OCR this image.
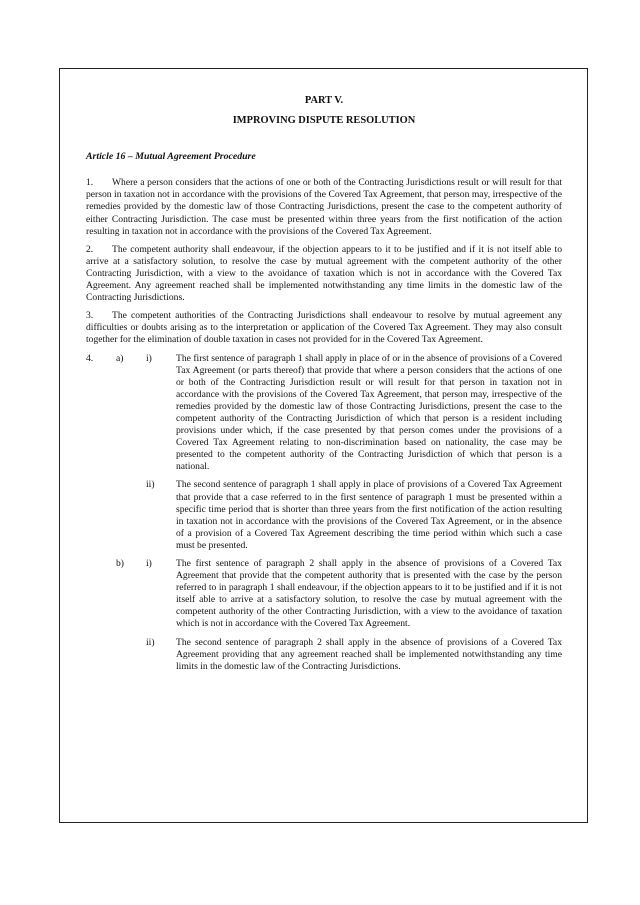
PART V.
IMPROVING DISPUTE RESOLUTION
Article 16 – Mutual Agreement Procedure
1. Where a person considers that the actions of one or both of the Contracting Jurisdictions result or will result for that person in taxation not in accordance with the provisions of the Covered Tax Agreement, that person may, irrespective of the remedies provided by the domestic law of those Contracting Jurisdictions, present the case to the competent authority of either Contracting Jurisdiction. The case must be presented within three years from the first notification of the action resulting in taxation not in accordance with the provisions of the Covered Tax Agreement.
2. The competent authority shall endeavour, if the objection appears to it to be justified and if it is not itself able to arrive at a satisfactory solution, to resolve the case by mutual agreement with the competent authority of the other Contracting Jurisdiction, with a view to the avoidance of taxation which is not in accordance with the Covered Tax Agreement. Any agreement reached shall be implemented notwithstanding any time limits in the domestic law of the Contracting Jurisdictions.
3. The competent authorities of the Contracting Jurisdictions shall endeavour to resolve by mutual agreement any difficulties or doubts arising as to the interpretation or application of the Covered Tax Agreement. They may also consult together for the elimination of double taxation in cases not provided for in the Covered Tax Agreement.
4. a) i)	The first sentence of paragraph 1 shall apply in place of or in the absence of provisions of a Covered Tax Agreement (or parts thereof) that provide that where a person considers that the actions of one or both of the Contracting Jurisdiction result or will result for that person in taxation not in accordance with the provisions of the Covered Tax Agreement, that person may, irrespective of the remedies provided by the domestic law of those Contracting Jurisdictions, present the case to the competent authority of the Contracting Jurisdiction of which that person is a resident including provisions under which, if the case presented by that person comes under the provisions of a Covered Tax Agreement relating to non-discrimination based on nationality, the case may be presented to the competent authority of the Contracting Jurisdiction of which that person is a national.
ii) The second sentence of paragraph 1 shall apply in place of provisions of a Covered Tax Agreement that provide that a case referred to in the first sentence of paragraph 1 must be presented within a specific time period that is shorter than three years from the first notification of the action resulting in taxation not in accordance with the provisions of the Covered Tax Agreement, or in the absence of a provision of a Covered Tax Agreement describing the time period within which such a case must be presented.
b) i)	The first sentence of paragraph 2 shall apply in the absence of provisions of a Covered Tax Agreement that provide that the competent authority that is presented with the case by the person referred to in paragraph 1 shall endeavour, if the objection appears to it to be justified and if it is not itself able to arrive at a satisfactory solution, to resolve the case by mutual agreement with the competent authority of the other Contracting Jurisdiction, with a view to the avoidance of taxation which is not in accordance with the Covered Tax Agreement.
ii) The second sentence of paragraph 2 shall apply in the absence of provisions of a Covered Tax Agreement providing that any agreement reached shall be implemented notwithstanding any time limits in the domestic law of the Contracting Jurisdictions.
